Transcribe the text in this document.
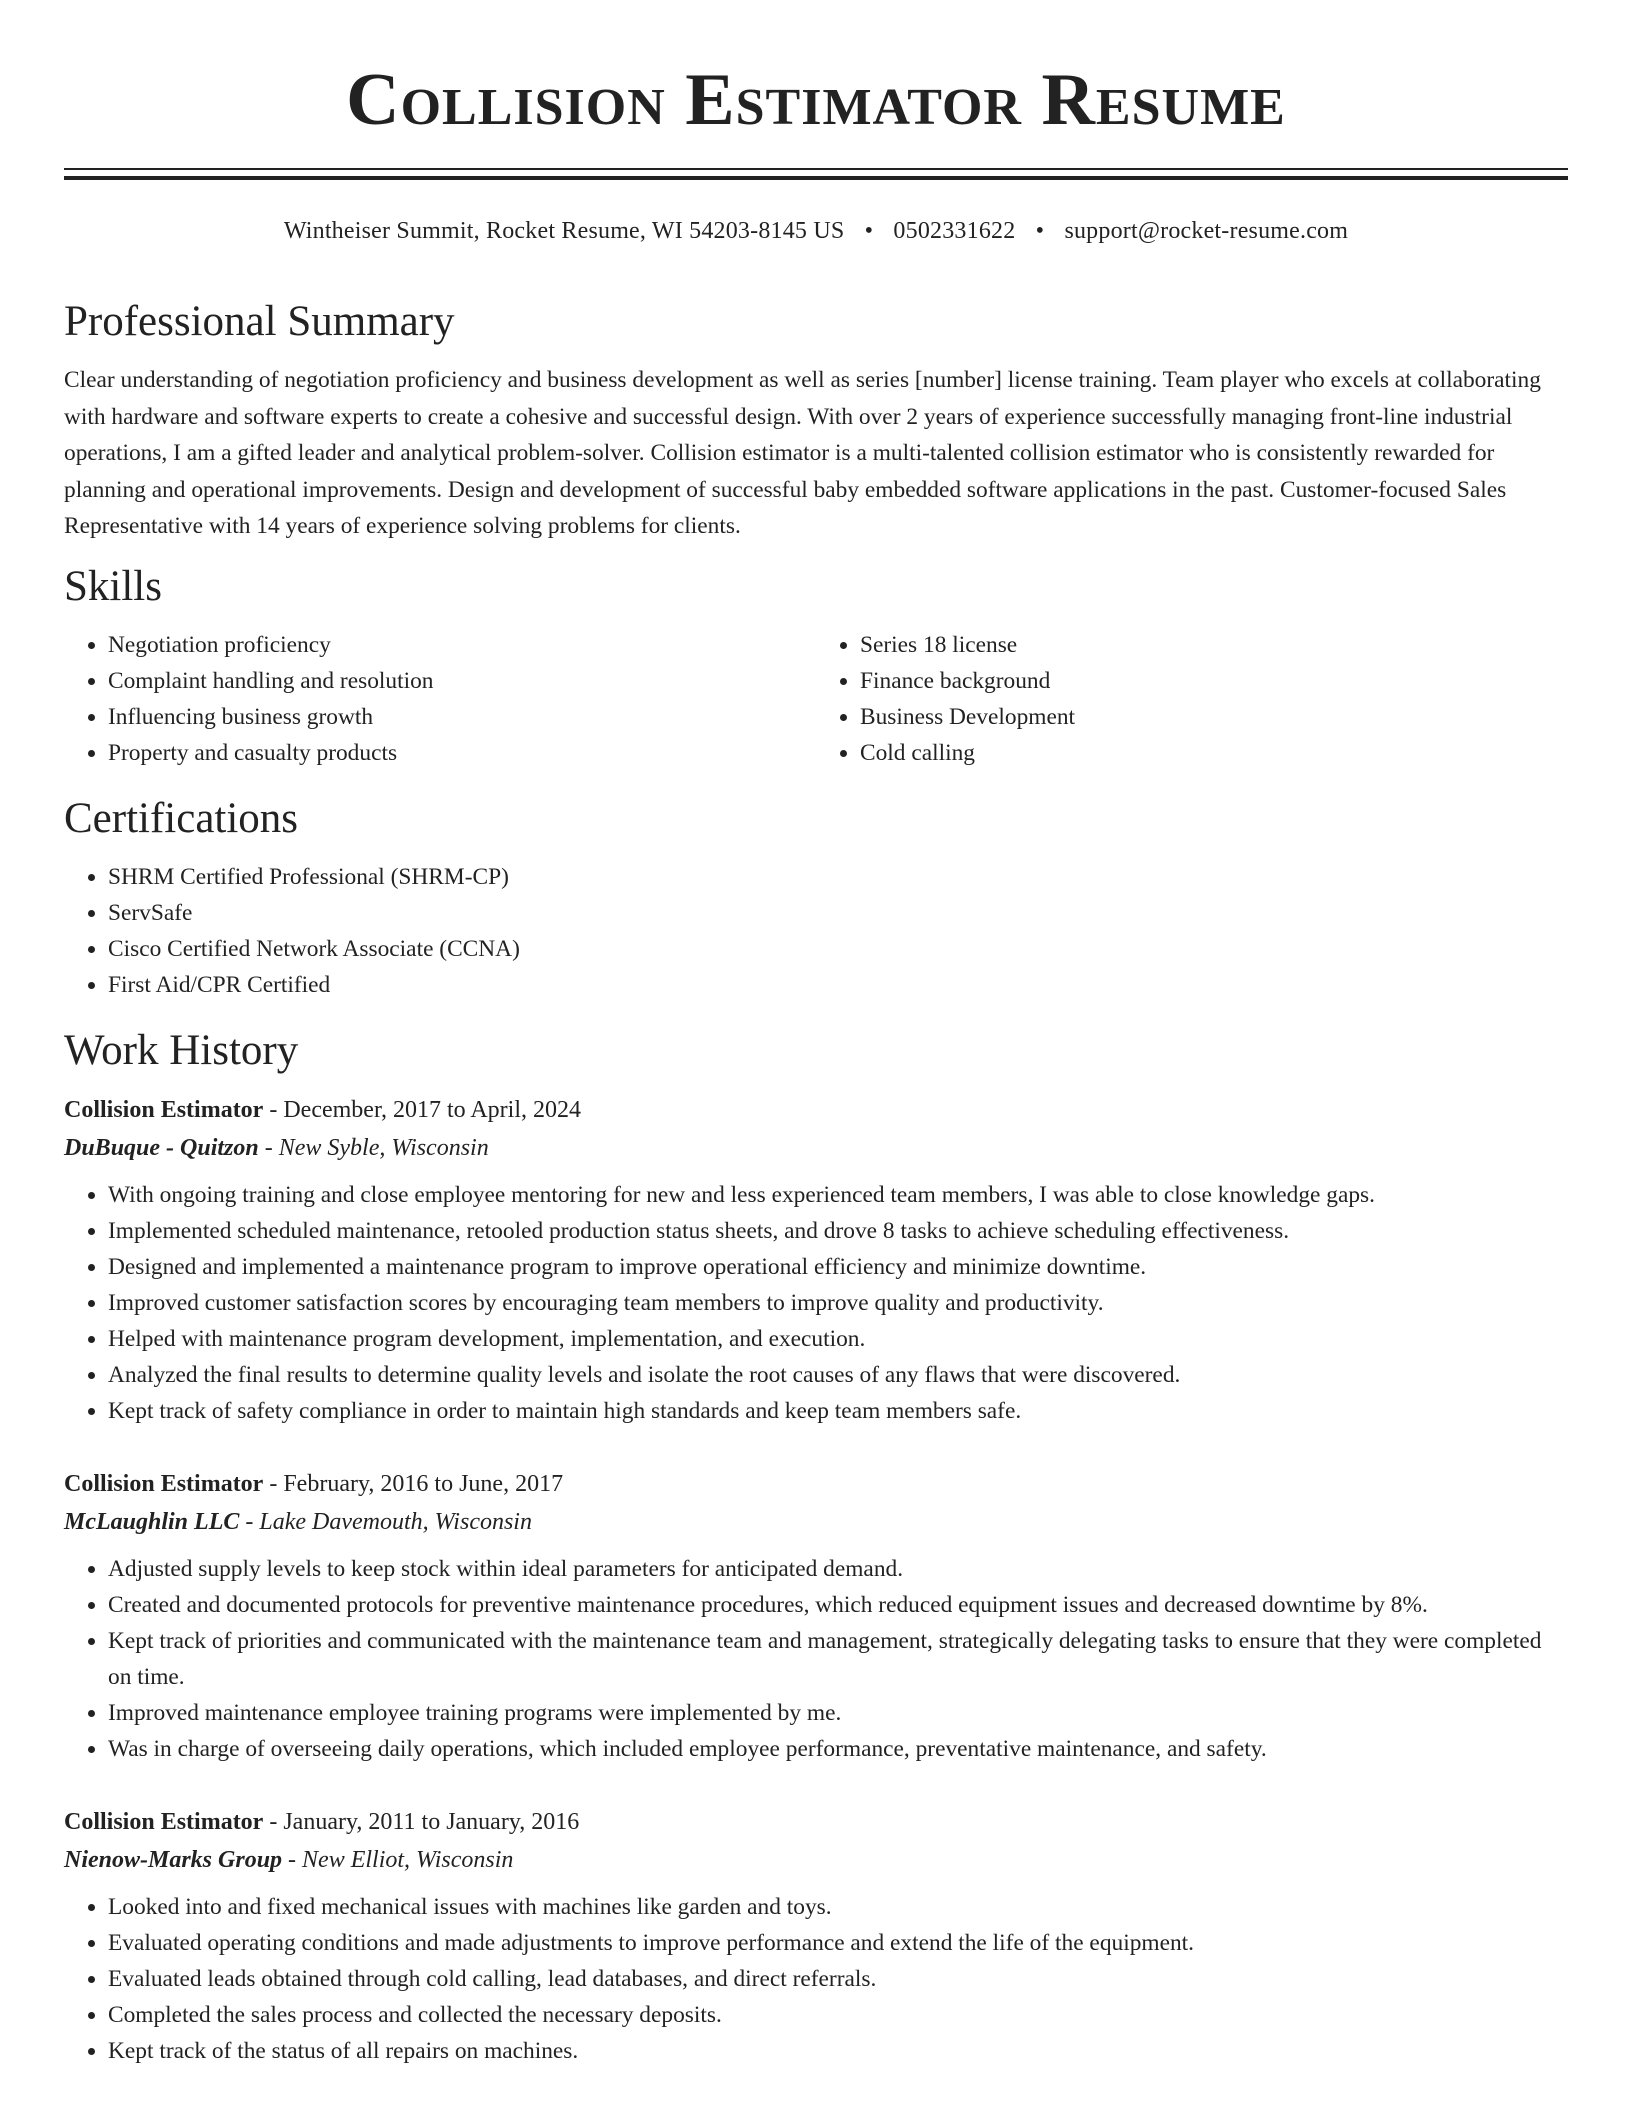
Collision Estimator Resume
Wintheiser Summit, Rocket Resume, WI 54203-8145 US • 0502331622 • support@rocket-resume.com
Professional Summary

Clear understanding of negotiation proficiency and business development as well as series [number] license training. Team player who excels at collaborating with hardware and software experts to create a cohesive and successful design. With over 2 years of experience successfully managing front-line industrial operations, I am a gifted leader and analytical problem-solver. Collision estimator is a multi-talented collision estimator who is consistently rewarded for planning and operational improvements. Design and development of successful baby embedded software applications in the past. Customer-focused Sales Representative with 14 years of experience solving problems for clients.

Skills
• Negotiation proficiency
• Complaint handling and resolution
• Influencing business growth
• Property and casualty products
• Series 18 license
• Finance background
• Business Development
• Cold calling
Certifications
• SHRM Certified Professional (SHRM-CP)
• ServSafe
• Cisco Certified Network Associate (CCNA)
• First Aid/CPR Certified
Work History
Collision Estimator - December, 2017 to April, 2024
DuBuque - Quitzon - New Syble, Wisconsin
• With ongoing training and close employee mentoring for new and less experienced team members, I was able to close knowledge gaps.
• Implemented scheduled maintenance, retooled production status sheets, and drove 8 tasks to achieve scheduling effectiveness.
• Designed and implemented a maintenance program to improve operational efficiency and minimize downtime.
• Improved customer satisfaction scores by encouraging team members to improve quality and productivity.
• Helped with maintenance program development, implementation, and execution.
• Analyzed the final results to determine quality levels and isolate the root causes of any flaws that were discovered.
• Kept track of safety compliance in order to maintain high standards and keep team members safe.
Collision Estimator - February, 2016 to June, 2017
McLaughlin LLC - Lake Davemouth, Wisconsin
• Adjusted supply levels to keep stock within ideal parameters for anticipated demand.
• Created and documented protocols for preventive maintenance procedures, which reduced equipment issues and decreased downtime by 8%.
• Kept track of priorities and communicated with the maintenance team and management, strategically delegating tasks to ensure that they were completed on time.
• Improved maintenance employee training programs were implemented by me.
• Was in charge of overseeing daily operations, which included employee performance, preventative maintenance, and safety.
Collision Estimator - January, 2011 to January, 2016
Nienow-Marks Group - New Elliot, Wisconsin
• Looked into and fixed mechanical issues with machines like garden and toys.
• Evaluated operating conditions and made adjustments to improve performance and extend the life of the equipment.
• Evaluated leads obtained through cold calling, lead databases, and direct referrals.
• Completed the sales process and collected the necessary deposits.
• Kept track of the status of all repairs on machines.
